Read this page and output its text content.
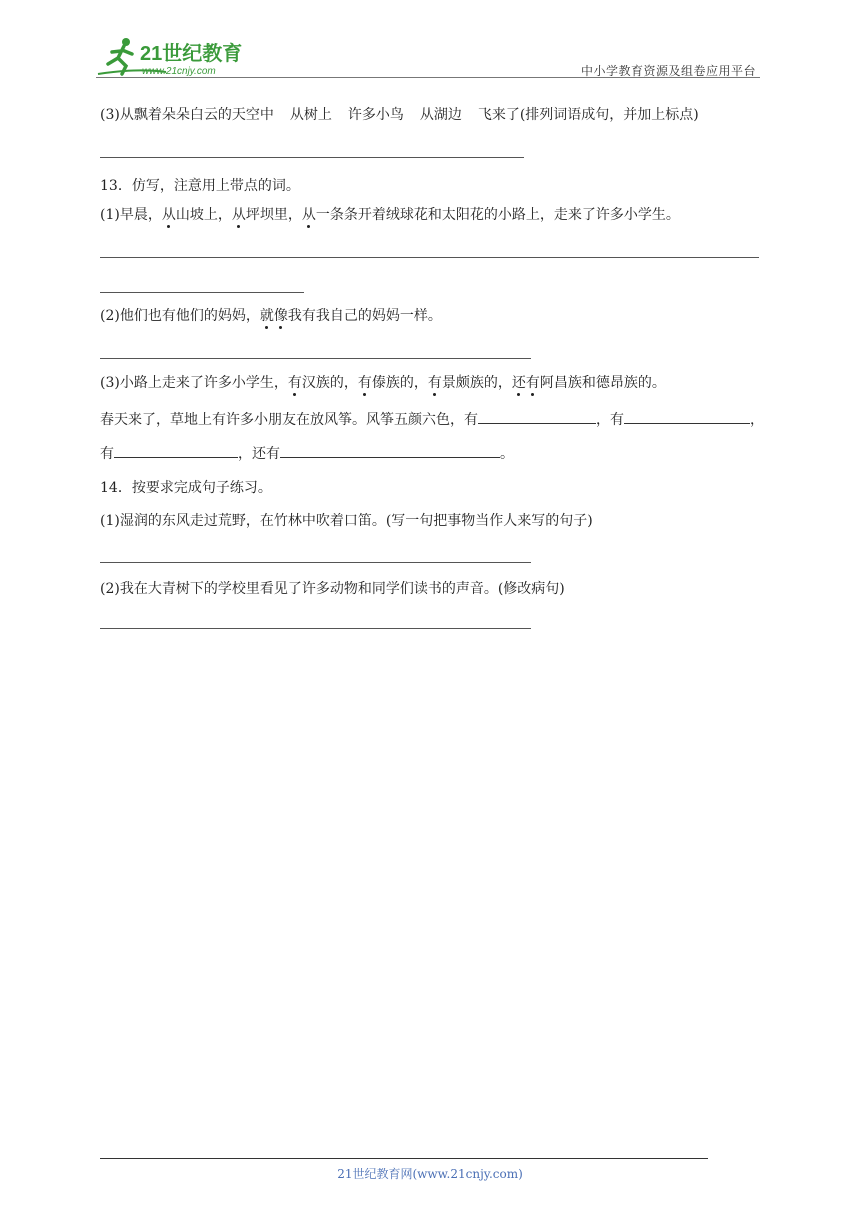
21世纪教育
www.21cnjy.com	中小学教育资源及组卷应用平台
(3)从飘着朵朵白云的天空中 从树上 许多小鸟 从湖边 飞来了(排列词语成句，并加上标点)
13．仿写，注意用上带点的词。
(1)早晨，从山坡上，从坪坝里，从一条条开着绒球花和太阳花的小路上，走来了许多小学生。
(2)他们也有他们的妈妈，就像我有我自己的妈妈一样。
(3)小路上走来了许多小学生，有汉族的，有傣族的，有景颇族的，还有阿昌族和德昂族的。
春天来了，草地上有许多小朋友在放风筝。风筝五颜六色，有	，有	，
有	，还有	。
14．按要求完成句子练习。
(1)湿润的东风走过荒野，在竹林中吹着口笛。(写一句把事物当作人来写的句子)
(2)我在大青树下的学校里看见了许多动物和同学们读书的声音。(修改病句)
21世纪教育网(www.21cnjy.com)
